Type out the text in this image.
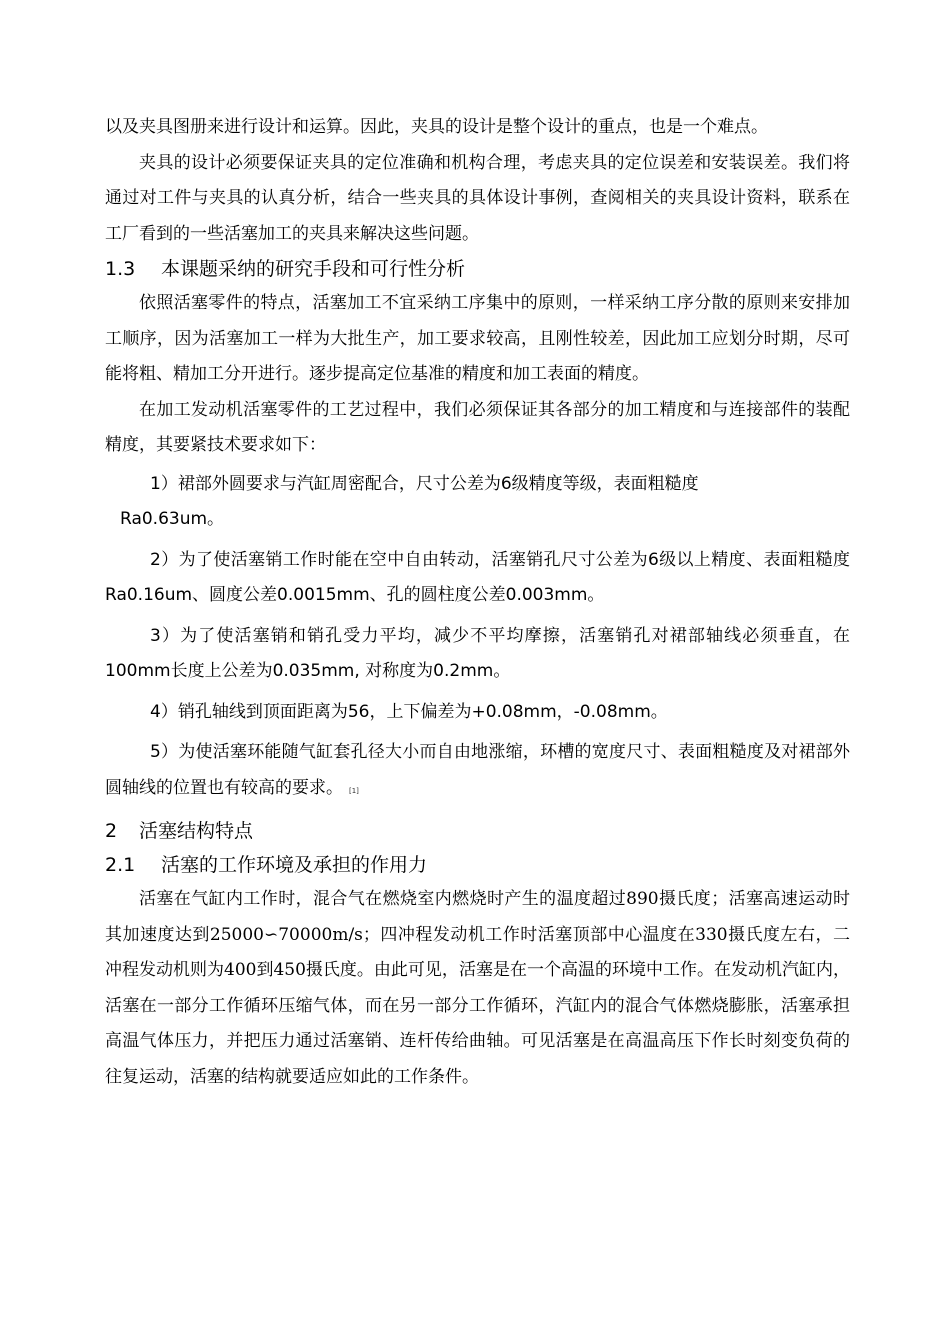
以及夹具图册来进行设计和运算。因此，夹具的设计是整个设计的重点，也是一个难点。

夹具的设计必须要保证夹具的定位准确和机构合理，考虑夹具的定位误差和安装误差。我们将通过对工件与夹具的认真分析，结合一些夹具的具体设计事例，查阅相关的夹具设计资料，联系在工厂看到的一些活塞加工的夹具来解决这些问题。

1.3 本课题采纳的研究手段和可行性分析

依照活塞零件的特点，活塞加工不宜采纳工序集中的原则，一样采纳工序分散的原则来安排加工顺序，因为活塞加工一样为大批生产，加工要求较高，且刚性较差，因此加工应划分时期，尽可能将粗、精加工分开进行。逐步提高定位基准的精度和加工表面的精度。

在加工发动机活塞零件的工艺过程中，我们必须保证其各部分的加工精度和与连接部件的装配精度，其要紧技术要求如下：

1）裙部外圆要求与汽缸周密配合，尺寸公差为6级精度等级，表面粗糙度

Ra0.63um。

2）为了使活塞销工作时能在空中自由转动，活塞销孔尺寸公差为6级以上精度、表面粗糙度Ra0.16um、圆度公差0.0015mm、孔的圆柱度公差0.003mm。

3）为了使活塞销和销孔受力平均，减少不平均摩擦，活塞销孔对裙部轴线必须垂直，在100mm长度上公差为0.035mm, 对称度为0.2mm。

4）销孔轴线到顶面距离为56，上下偏差为+0.08mm，-0.08mm。

5）为使活塞环能随气缸套孔径大小而自由地涨缩，环槽的宽度尺寸、表面粗糙度及对裙部外圆轴线的位置也有较高的要求。 [1]

2 活塞结构特点
2.1 活塞的工作环境及承担的作用力

活塞在气缸内工作时，混合气在燃烧室内燃烧时产生的温度超过890摄氏度；活塞高速运动时其加速度达到25000∽70000m/s；四冲程发动机工作时活塞顶部中心温度在330摄氏度左右，二冲程发动机则为400到450摄氏度。由此可见，活塞是在一个高温的环境中工作。在发动机汽缸内，活塞在一部分工作循环压缩气体，而在另一部分工作循环，汽缸内的混合气体燃烧膨胀，活塞承担高温气体压力，并把压力通过活塞销、连杆传给曲轴。可见活塞是在高温高压下作长时刻变负荷的往复运动，活塞的结构就要适应如此的工作条件。
